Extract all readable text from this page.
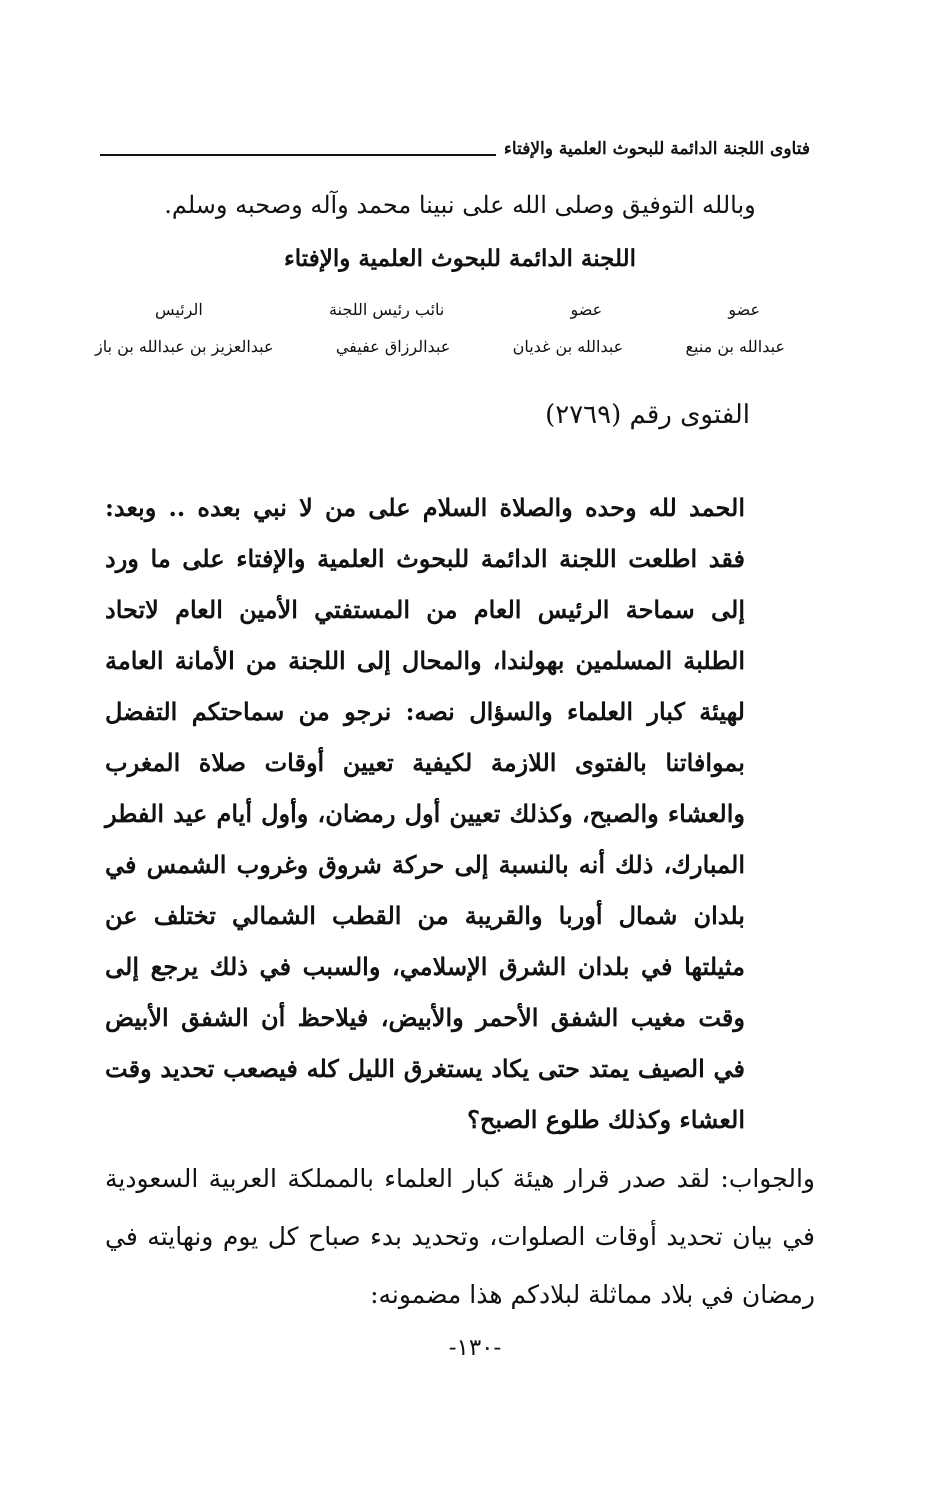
فتاوى اللجنة الدائمة للبحوث العلمية والإفتاء
وبالله التوفيق وصلى الله على نبينا محمد وآله وصحبه وسلم.
اللجنة الدائمة للبحوث العلمية والإفتاء
عضو
عضو
نائب رئيس اللجنة
الرئيس
عبدالله بن منيع
عبدالله بن غديان
عبدالرزاق عفيفي
عبدالعزيز بن عبدالله بن باز
الفتوى رقم (٢٧٦٩)

الحمد لله وحده والصلاة السلام على من لا نبي بعده .. وبعد: فقد اطلعت اللجنة الدائمة للبحوث العلمية والإفتاء على ما ورد إلى سماحة الرئيس العام من المستفتي الأمين العام لاتحاد الطلبة المسلمين بهولندا، والمحال إلى اللجنة من الأمانة العامة لهيئة كبار العلماء والسؤال نصه: نرجو من سماحتكم التفضل بموافاتنا بالفتوى اللازمة لكيفية تعيين أوقات صلاة المغرب والعشاء والصبح، وكذلك تعيين أول رمضان، وأول أيام عيد الفطر المبارك، ذلك أنه بالنسبة إلى حركة شروق وغروب الشمس في بلدان شمال أوربا والقريبة من القطب الشمالي تختلف عن مثيلتها في بلدان الشرق الإسلامي، والسبب في ذلك يرجع إلى وقت مغيب الشفق الأحمر والأبيض، فيلاحظ أن الشفق الأبيض في الصيف يمتد حتى يكاد يستغرق الليل كله فيصعب تحديد وقت العشاء وكذلك طلوع الصبح؟

والجواب: لقد صدر قرار هيئة كبار العلماء بالمملكة العربية السعودية في بيان تحديد أوقات الصلوات، وتحديد بدء صباح كل يوم ونهايته في رمضان في بلاد مماثلة لبلادكم هذا مضمونه:

-١٣٠-
